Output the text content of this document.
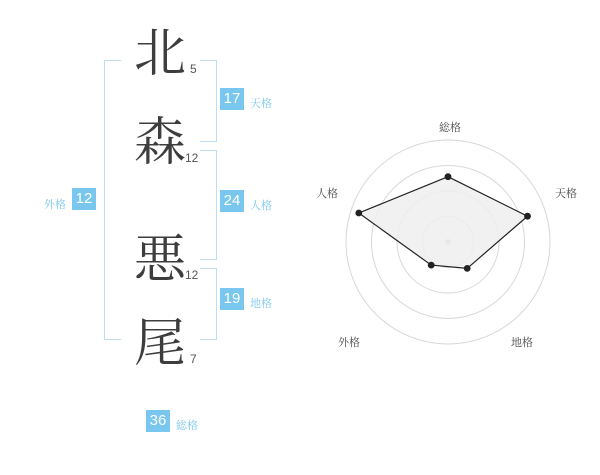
北 5
森 12
悪 12
尾 7
外格 12
17 天格
24 人格
19 地格
36 総格
総格
天格
地格
外格
人格
